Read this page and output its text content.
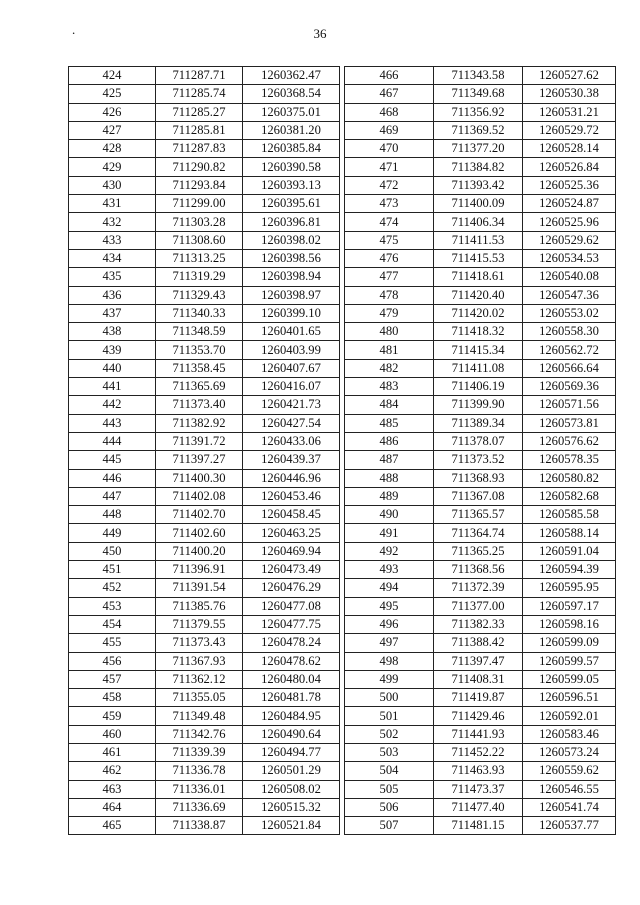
.	36
424	711287.71	1260362.47
425	711285.74	1260368.54
426	711285.27	1260375.01
427	711285.81	1260381.20
428	711287.83	1260385.84
429	711290.82	1260390.58
430	711293.84	1260393.13
431	711299.00	1260395.61
432	711303.28	1260396.81
433	711308.60	1260398.02
434	711313.25	1260398.56
435	711319.29	1260398.94
436	711329.43	1260398.97
437	711340.33	1260399.10
438	711348.59	1260401.65
439	711353.70	1260403.99
440	711358.45	1260407.67
441	711365.69	1260416.07
442	711373.40	1260421.73
443	711382.92	1260427.54
444	711391.72	1260433.06
445	711397.27	1260439.37
446	711400.30	1260446.96
447	711402.08	1260453.46
448	711402.70	1260458.45
449	711402.60	1260463.25
450	711400.20	1260469.94
451	711396.91	1260473.49
452	711391.54	1260476.29
453	711385.76	1260477.08
454	711379.55	1260477.75
455	711373.43	1260478.24
456	711367.93	1260478.62
457	711362.12	1260480.04
458	711355.05	1260481.78
459	711349.48	1260484.95
460	711342.76	1260490.64
461	711339.39	1260494.77
462	711336.78	1260501.29
463	711336.01	1260508.02
464	711336.69	1260515.32
465	711338.87	1260521.84
466	711343.58	1260527.62
467	711349.68	1260530.38
468	711356.92	1260531.21
469	711369.52	1260529.72
470	711377.20	1260528.14
471	711384.82	1260526.84
472	711393.42	1260525.36
473	711400.09	1260524.87
474	711406.34	1260525.96
475	711411.53	1260529.62
476	711415.53	1260534.53
477	711418.61	1260540.08
478	711420.40	1260547.36
479	711420.02	1260553.02
480	711418.32	1260558.30
481	711415.34	1260562.72
482	711411.08	1260566.64
483	711406.19	1260569.36
484	711399.90	1260571.56
485	711389.34	1260573.81
486	711378.07	1260576.62
487	711373.52	1260578.35
488	711368.93	1260580.82
489	711367.08	1260582.68
490	711365.57	1260585.58
491	711364.74	1260588.14
492	711365.25	1260591.04
493	711368.56	1260594.39
494	711372.39	1260595.95
495	711377.00	1260597.17
496	711382.33	1260598.16
497	711388.42	1260599.09
498	711397.47	1260599.57
499	711408.31	1260599.05
500	711419.87	1260596.51
501	711429.46	1260592.01
502	711441.93	1260583.46
503	711452.22	1260573.24
504	711463.93	1260559.62
505	711473.37	1260546.55
506	711477.40	1260541.74
507	711481.15	1260537.77
